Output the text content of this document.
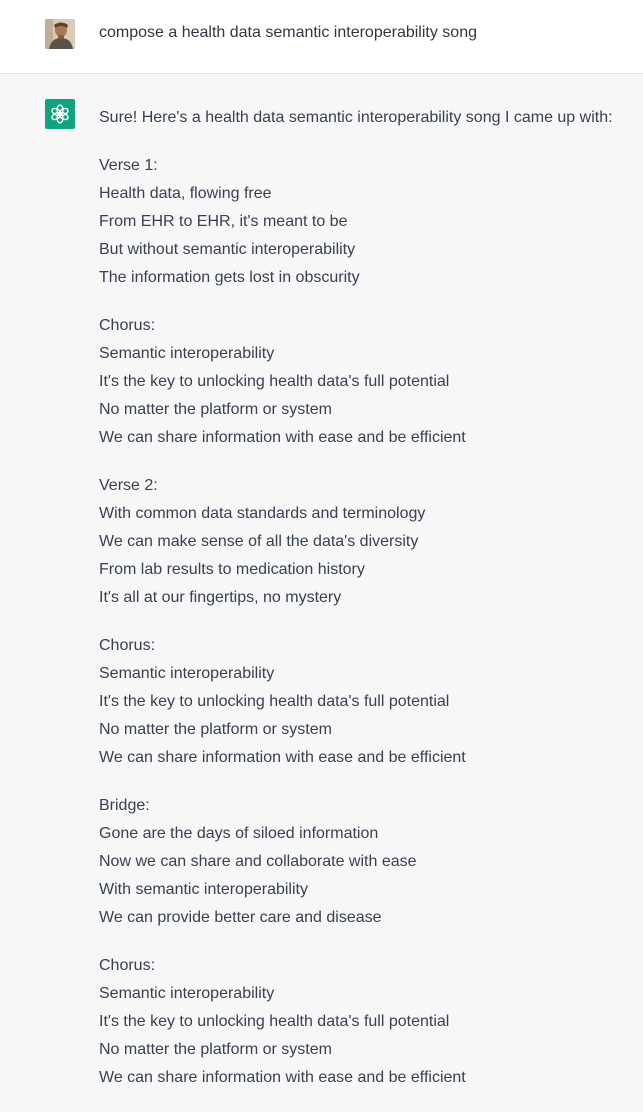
compose a health data semantic interoperability song
Sure! Here's a health data semantic interoperability song I came up with:
Verse 1:
Health data, flowing free
From EHR to EHR, it's meant to be
But without semantic interoperability
The information gets lost in obscurity
Chorus:
Semantic interoperability
It's the key to unlocking health data's full potential
No matter the platform or system
We can share information with ease and be efficient
Verse 2:
With common data standards and terminology
We can make sense of all the data's diversity
From lab results to medication history
It's all at our fingertips, no mystery
Chorus:
Semantic interoperability
It's the key to unlocking health data's full potential
No matter the platform or system
We can share information with ease and be efficient
Bridge:
Gone are the days of siloed information
Now we can share and collaborate with ease
With semantic interoperability
We can provide better care and disease
Chorus:
Semantic interoperability
It's the key to unlocking health data's full potential
No matter the platform or system
We can share information with ease and be efficient
